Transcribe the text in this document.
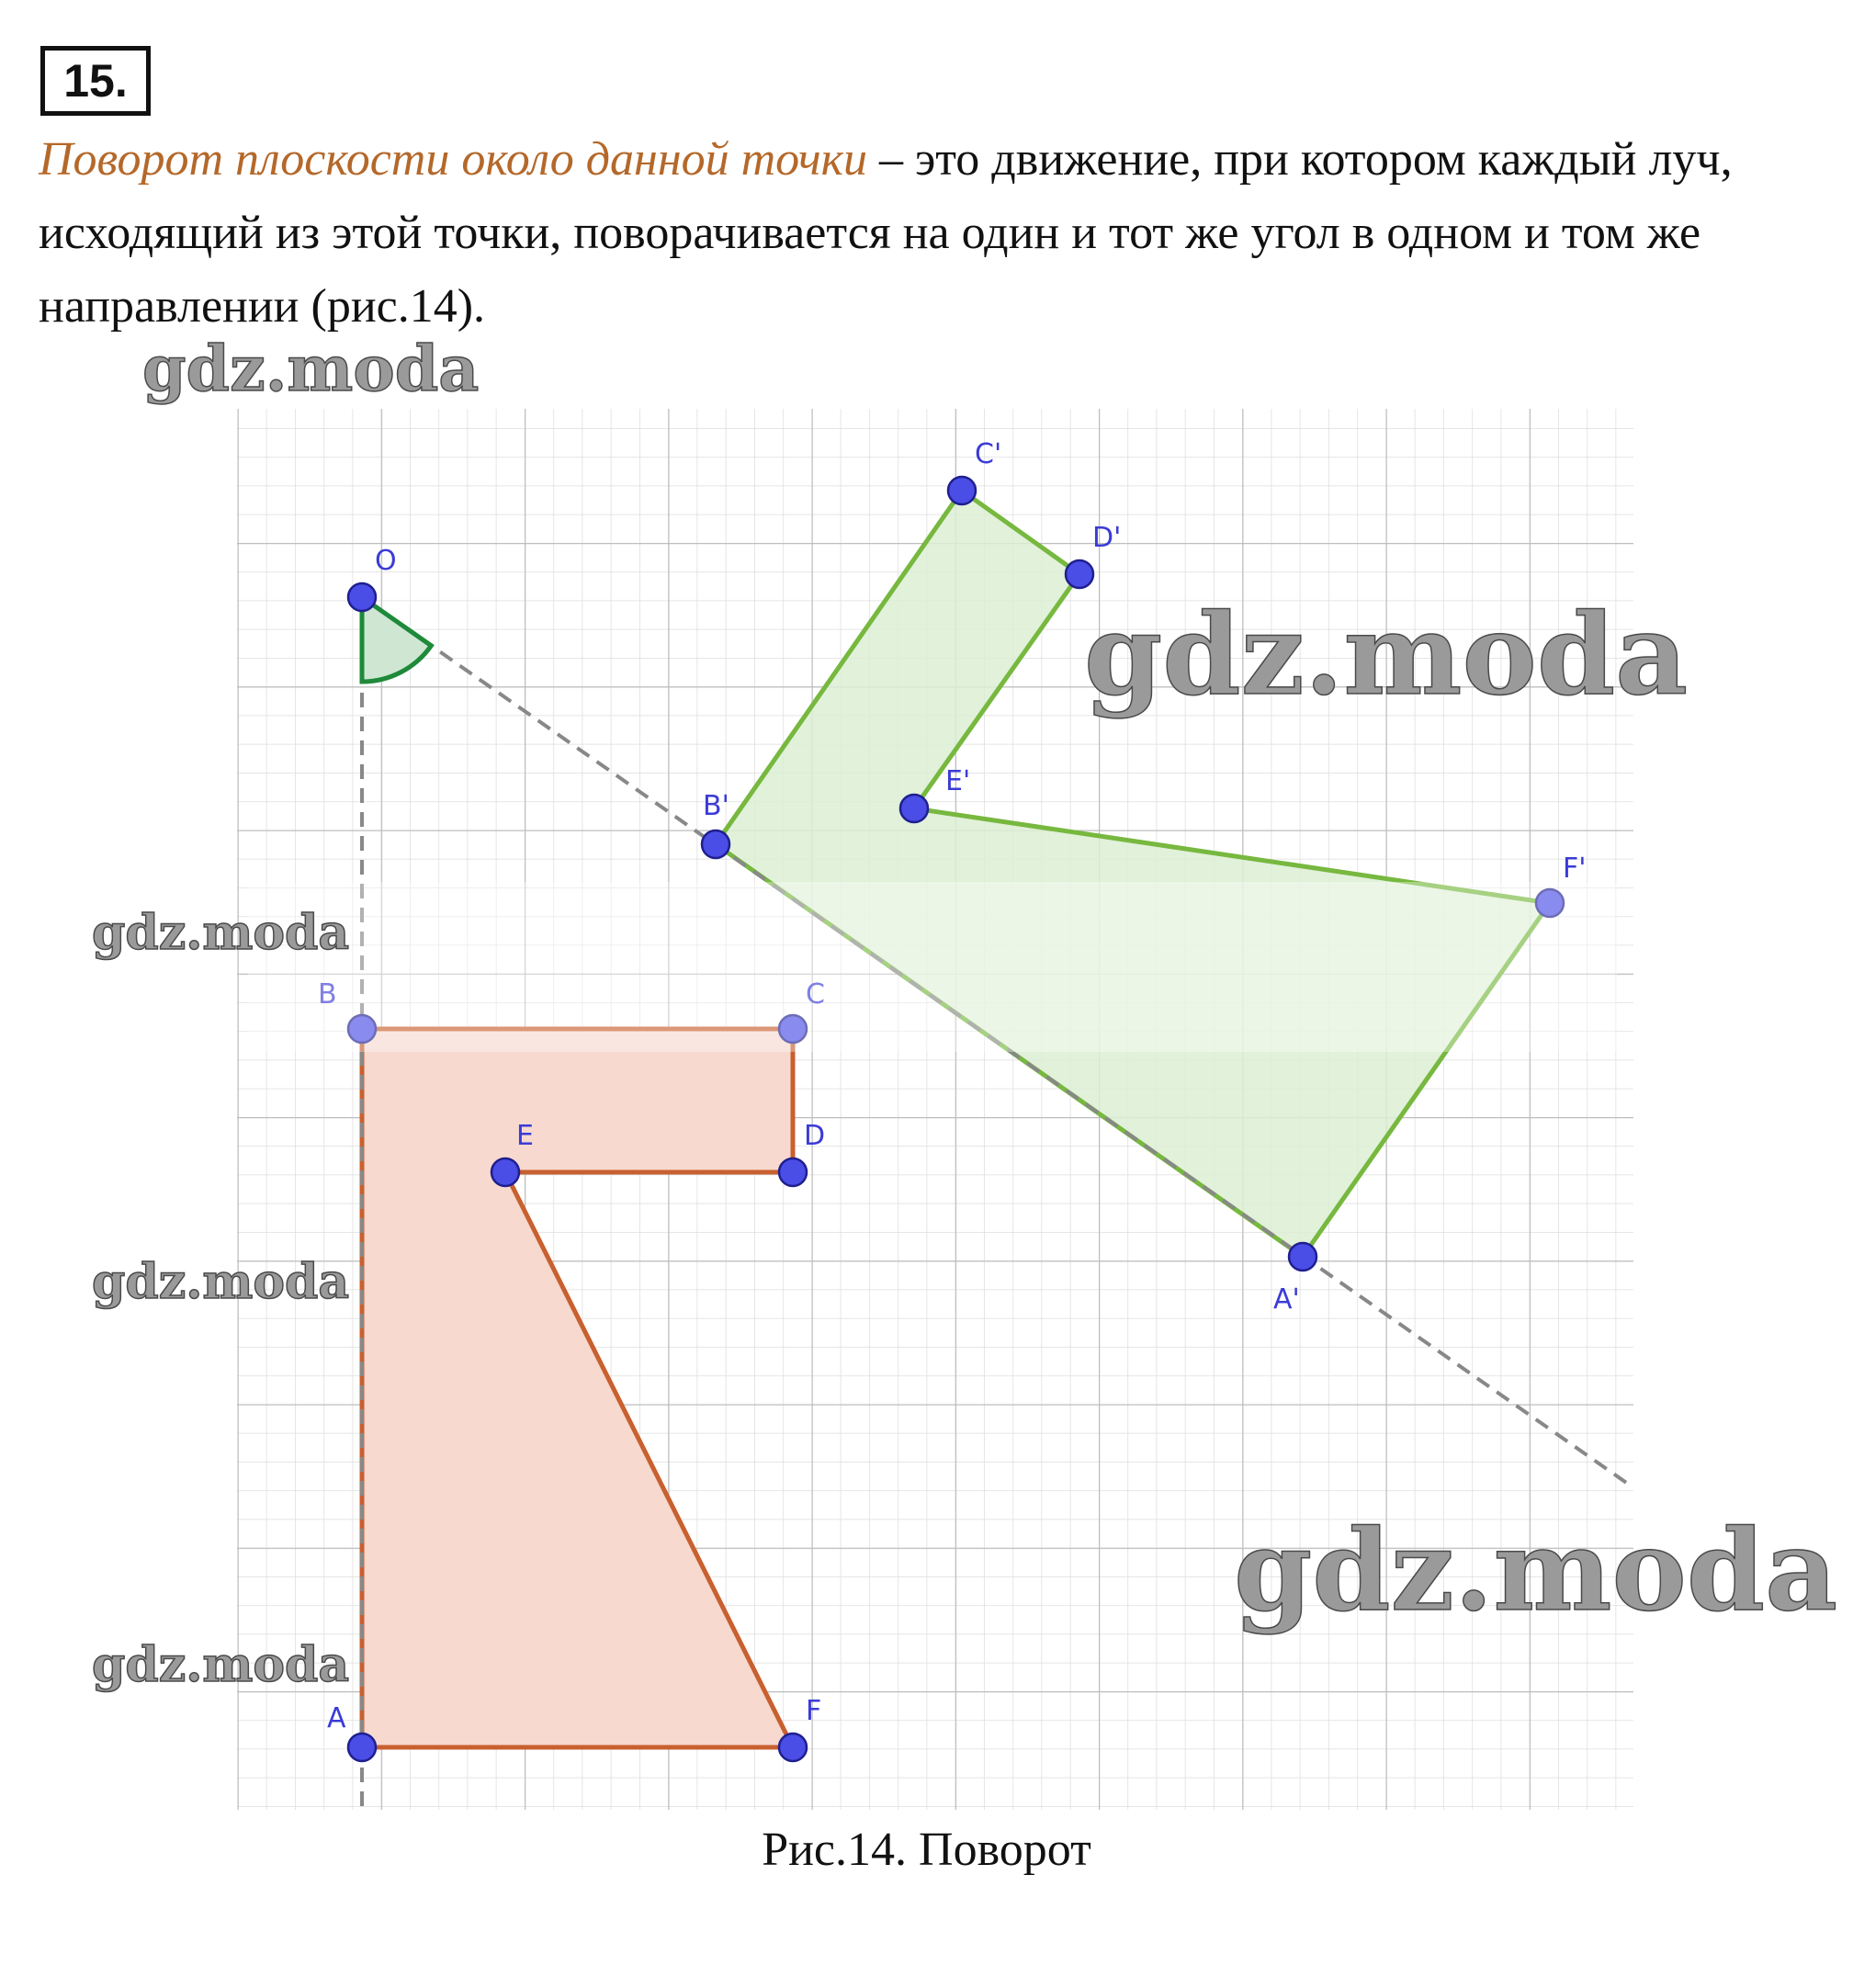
15.

Поворот плоскости около данной точки – это движение, при котором каждый луч, исходящий из этой точки, поворачивается на один и тот же угол в одном и том же направлении (рис.14).

O
A
B	C
D
E
F
A'
B'
C'
D'
E'
F'
gdz.moda
gdz.moda
gdz.moda
gdz.moda
gdz.moda
gdz.moda
Рис.14. Поворот
